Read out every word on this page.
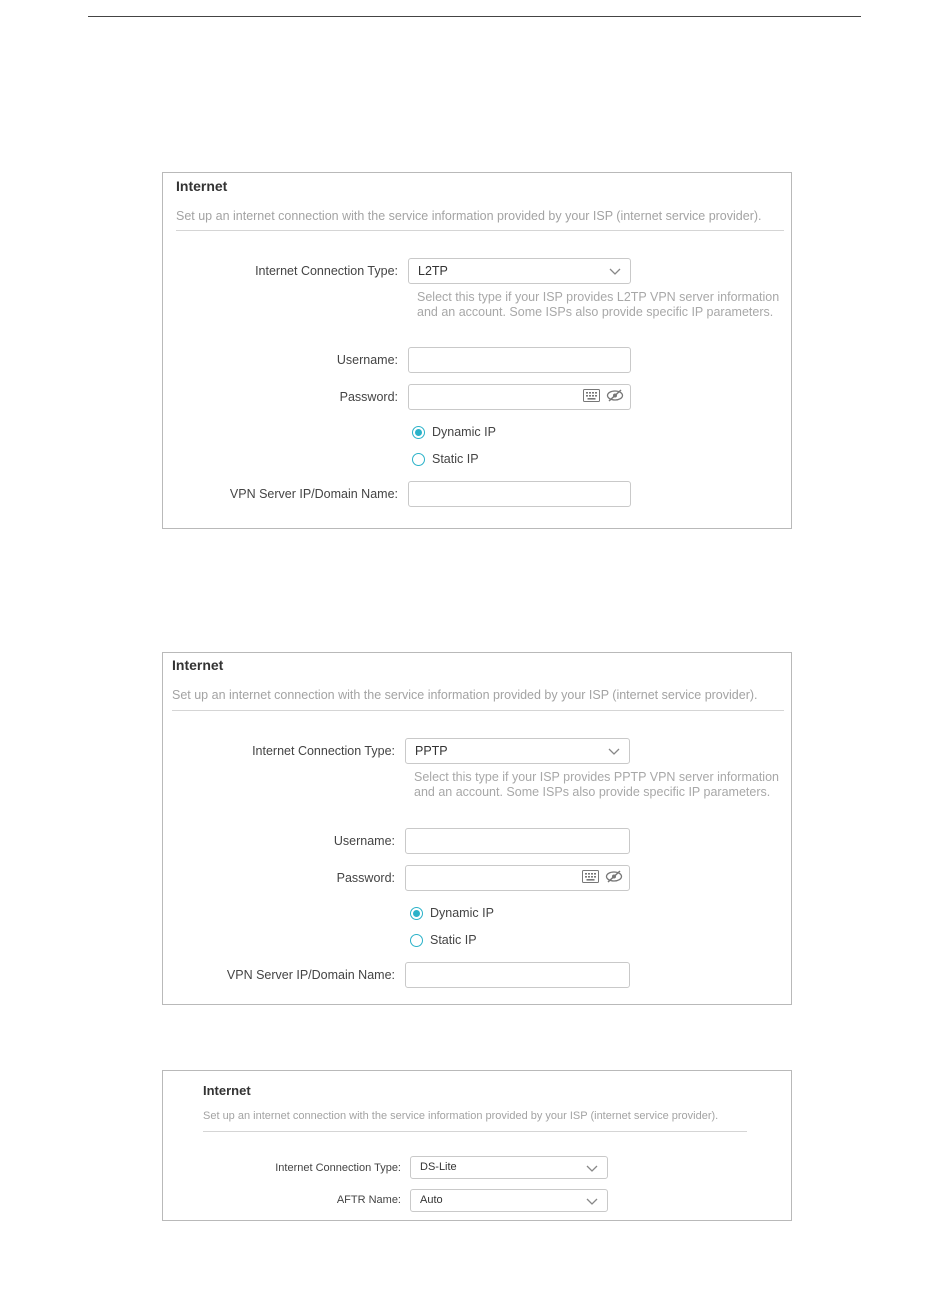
Internet
Set up an internet connection with the service information provided by your ISP (internet service provider).
Internet Connection Type: L2TP
Select this type if your ISP provides L2TP VPN server information and an account. Some ISPs also provide specific IP parameters.
Username:
Password:
Dynamic IP
Static IP
VPN Server IP/Domain Name:
Internet
Set up an internet connection with the service information provided by your ISP (internet service provider).
Internet Connection Type: PPTP
Select this type if your ISP provides PPTP VPN server information and an account. Some ISPs also provide specific IP parameters.
Username:
Password:
Dynamic IP
Static IP
VPN Server IP/Domain Name:
Internet
Set up an internet connection with the service information provided by your ISP (internet service provider).
Internet Connection Type: DS-Lite
AFTR Name: Auto
